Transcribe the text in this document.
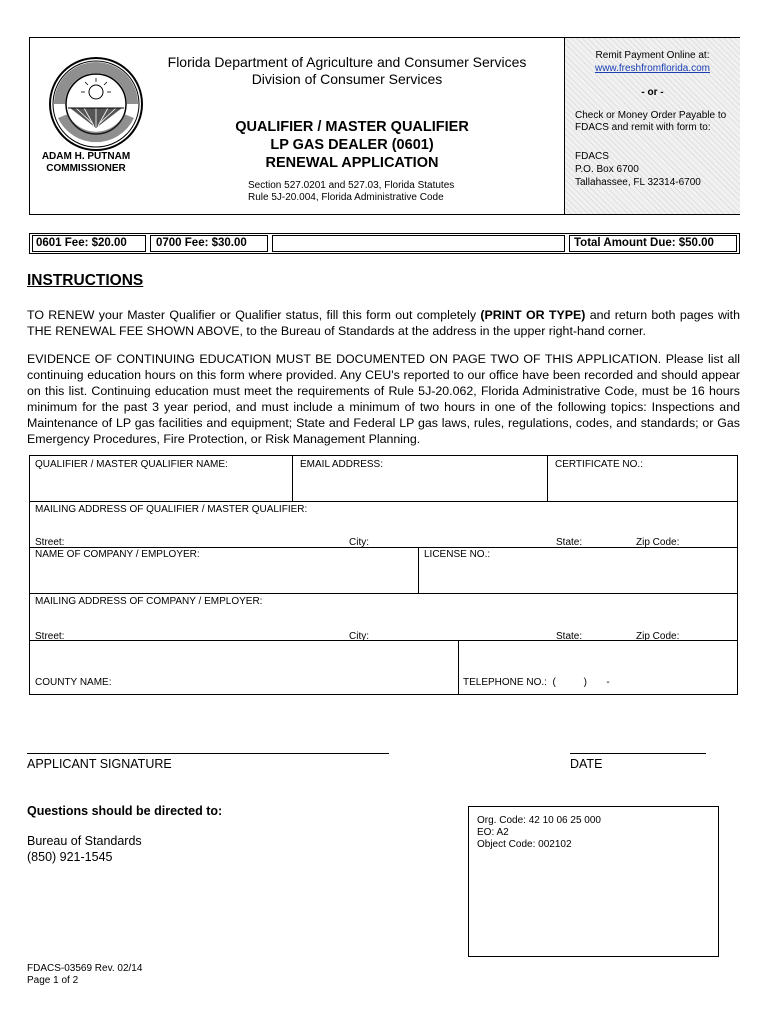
Remit Payment Online at:
www.freshfromflorida.com
- or -
Check or Money Order Payable to
FDACS and remit with form to:
FDACS
P.O. Box 6700
Tallahassee, FL 32314-6700
ADAM H. PUTNAM
COMMISSIONER
Florida Department of Agriculture and Consumer Services
Division of Consumer Services
QUALIFIER / MASTER QUALIFIER
LP GAS DEALER (0601)
RENEWAL APPLICATION
Section 527.0201 and 527.03, Florida Statutes
Rule 5J-20.004, Florida Administrative Code
0601 Fee: $20.00	0700 Fee: $30.00	Total Amount Due: $50.00
INSTRUCTIONS

TO RENEW your Master Qualifier or Qualifier status, fill this form out completely (PRINT OR TYPE) and return both pages with THE RENEWAL FEE SHOWN ABOVE, to the Bureau of Standards at the address in the upper right-hand corner.

EVIDENCE OF CONTINUING EDUCATION MUST BE DOCUMENTED ON PAGE TWO OF THIS APPLICATION. Please list all continuing education hours on this form where provided. Any CEU's reported to our office have been recorded and should appear on this list. Continuing education must meet the requirements of Rule 5J-20.062, Florida Administrative Code, must be 16 hours minimum for the past 3 year period, and must include a minimum of two hours in one of the following topics: Inspections and Maintenance of LP gas facilities and equipment; State and Federal LP gas laws, rules, regulations, codes, and standards; or Gas Emergency Procedures, Fire Protection, or Risk Management Planning.

QUALIFIER / MASTER QUALIFIER NAME:	EMAIL ADDRESS:	CERTIFICATE NO.:
MAILING ADDRESS OF QUALIFIER / MASTER QUALIFIER:
Street:	City:	State:	Zip Code:
NAME OF COMPANY / EMPLOYER:	LICENSE NO.:
MAILING ADDRESS OF COMPANY / EMPLOYER:
Street:	City:	State:	Zip Code:
COUNTY NAME:	TELEPHONE NO.:  (          )       -
APPLICANT SIGNATURE	DATE
Questions should be directed to:
Bureau of Standards
(850) 921-1545
Org. Code: 42 10 06 25 000
EO: A2
Object Code: 002102
FDACS-03569 Rev. 02/14
Page 1 of 2
